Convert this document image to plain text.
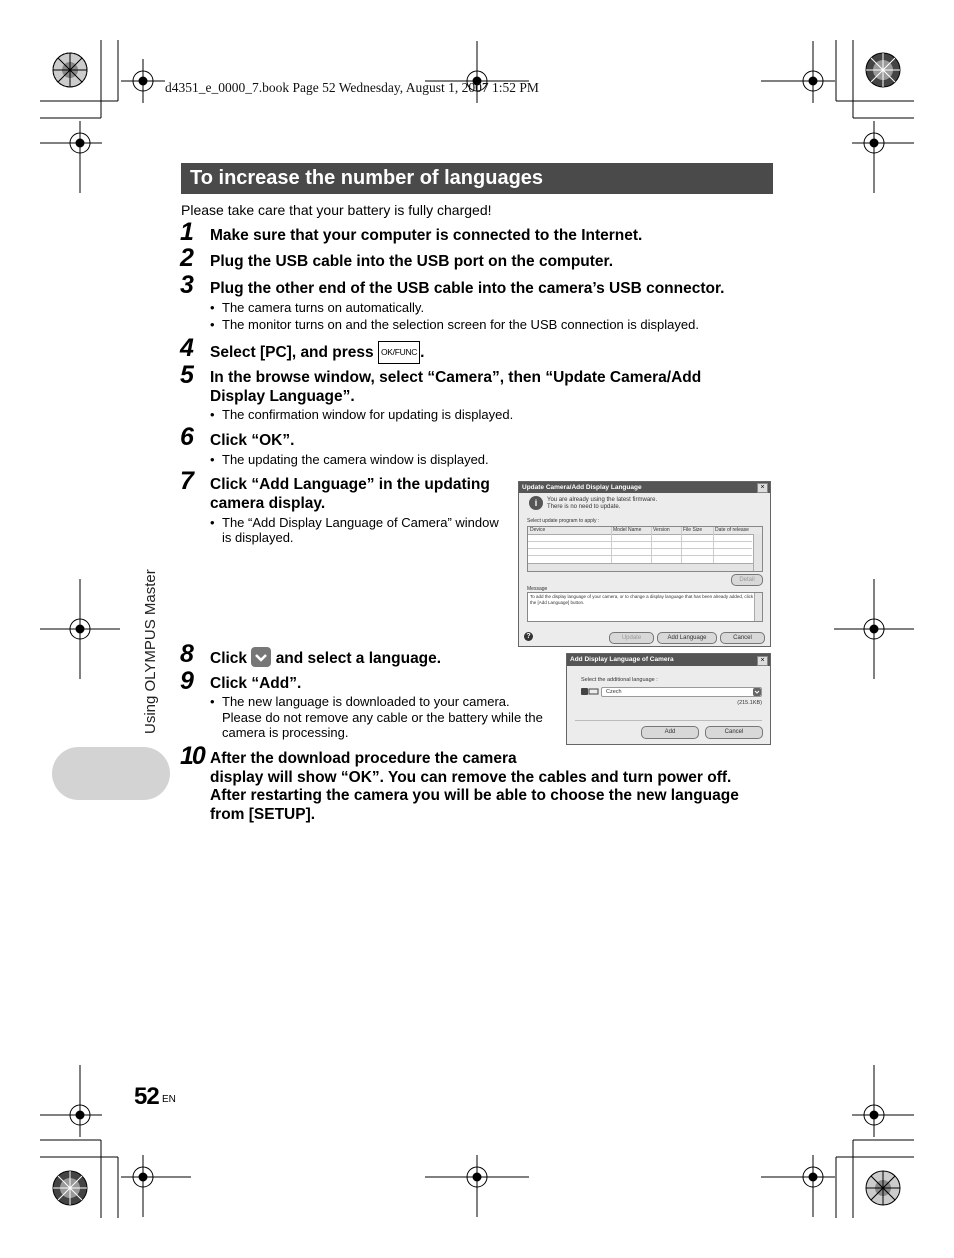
d4351_e_0000_7.book Page 52 Wednesday, August 1, 2007 1:52 PM
To increase the number of languages
Please take care that your battery is fully charged!
1 Make sure that your computer is connected to the Internet.
2 Plug the USB cable into the USB port on the computer.
3 Plug the other end of the USB cable into the camera’s USB connector.
• The camera turns on automatically.
• The monitor turns on and the selection screen for the USB connection is displayed.
4 Select [PC], and press OK/FUNC .
5 In the browse window, select “Camera”, then “Update Camera/Add
Display Language”.
• The confirmation window for updating is displayed.
6 Click “OK”.
• The updating the camera window is displayed.
7 Click “Add Language” in the updating
camera display.
• The “Add Display Language of Camera” window
is displayed.
8 Click and select a language.
9 Click “Add”.
• The new language is downloaded to your camera.
Please do not remove any cable or the battery while the
camera is processing.
10 After the download procedure the camera
display will show “OK”. You can remove the cables and turn power off.
After restarting the camera you will be able to choose the new language
from [SETUP].
Update Camera/Add Display Language	×
i	You are already using the latest firmware.
There is no need to update.
Select update program to apply :
Device	Model Name Version	File Size	Date of release
Detail
Message
To add the display language of your camera, or to change a display language that has been already added, click
the [Add Language] button.
?	Update	Add Language	Cancel
Add Display Language of Camera	×
Select the additional language :
Czech
(215.1KB)
Add	Cancel
Using OLYMPUS Master
52 EN
